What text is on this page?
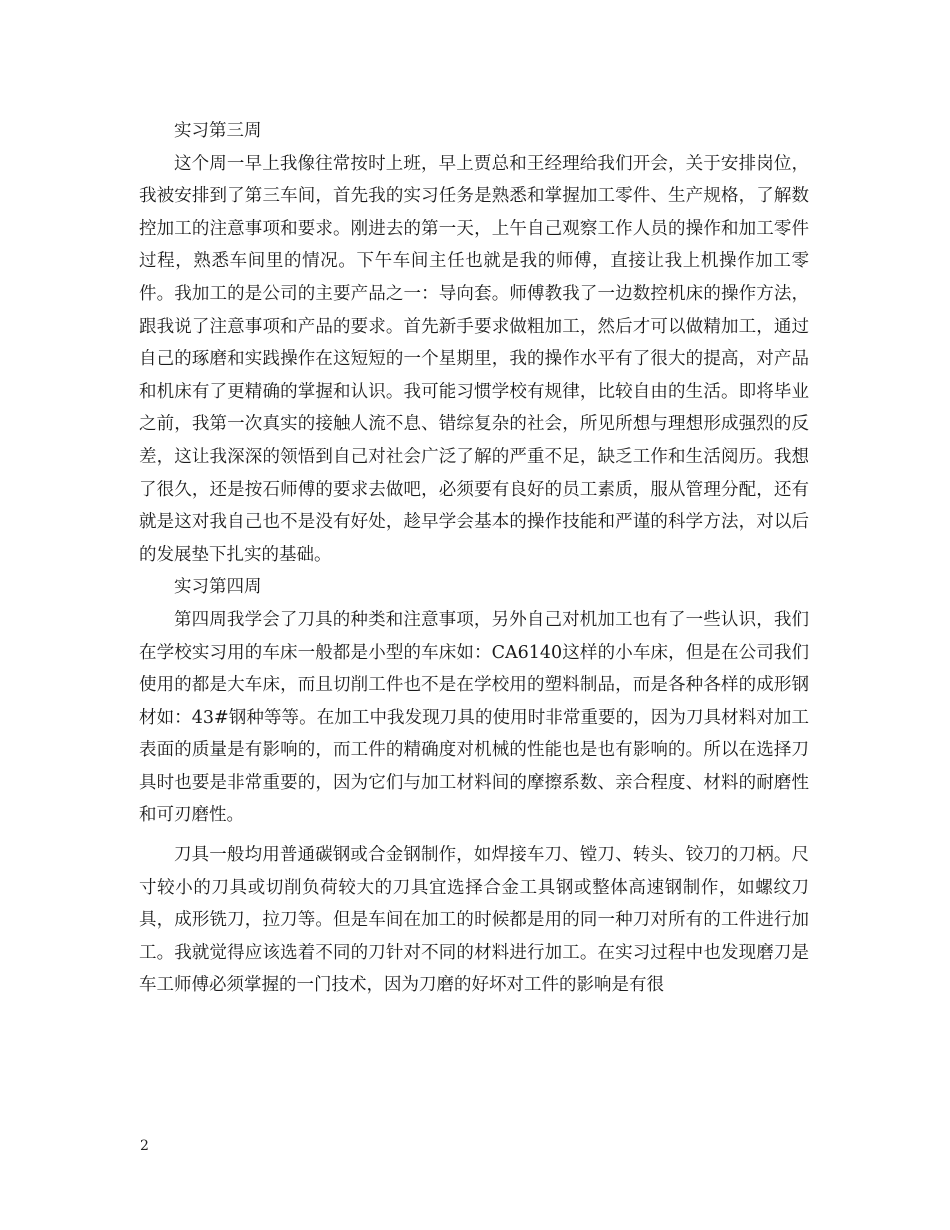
实习第三周

这个周一早上我像往常按时上班，早上贾总和王经理给我们开会，关于安排岗位，我被安排到了第三车间，首先我的实习任务是熟悉和掌握加工零件、生产规格，了解数控加工的注意事项和要求。刚进去的第一天，上午自己观察工作人员的操作和加工零件过程，熟悉车间里的情况。下午车间主任也就是我的师傅，直接让我上机操作加工零件。我加工的是公司的主要产品之一：导向套。师傅教我了一边数控机床的操作方法，跟我说了注意事项和产品的要求。首先新手要求做粗加工，然后才可以做精加工，通过自己的琢磨和实践操作在这短短的一个星期里，我的操作水平有了很大的提高，对产品和机床有了更精确的掌握和认识。我可能习惯学校有规律，比较自由的生活。即将毕业之前，我第一次真实的接触人流不息、错综复杂的社会，所见所想与理想形成强烈的反差，这让我深深的领悟到自己对社会广泛了解的严重不足，缺乏工作和生活阅历。我想了很久，还是按石师傅的要求去做吧，必须要有良好的员工素质，服从管理分配，还有就是这对我自己也不是没有好处，趁早学会基本的操作技能和严谨的科学方法，对以后的发展垫下扎实的基础。

实习第四周

第四周我学会了刀具的种类和注意事项，另外自己对机加工也有了一些认识，我们在学校实习用的车床一般都是小型的车床如：CA6140这样的小车床，但是在公司我们使用的都是大车床，而且切削工件也不是在学校用的塑料制品，而是各种各样的成形钢材如：43#钢种等等。在加工中我发现刀具的使用时非常重要的，因为刀具材料对加工表面的质量是有影响的，而工件的精确度对机械的性能也是也有影响的。所以在选择刀具时也要是非常重要的，因为它们与加工材料间的摩擦系数、亲合程度、材料的耐磨性和可刃磨性。

刀具一般均用普通碳钢或合金钢制作，如焊接车刀、镗刀、转头、铰刀的刀柄。尺寸较小的刀具或切削负荷较大的刀具宜选择合金工具钢或整体高速钢制作，如螺纹刀具，成形铣刀，拉刀等。但是车间在加工的时候都是用的同一种刀对所有的工件进行加工。我就觉得应该选着不同的刀针对不同的材料进行加工。在实习过程中也发现磨刀是车工师傅必须掌握的一门技术，因为刀磨的好坏对工件的影响是有很

2
